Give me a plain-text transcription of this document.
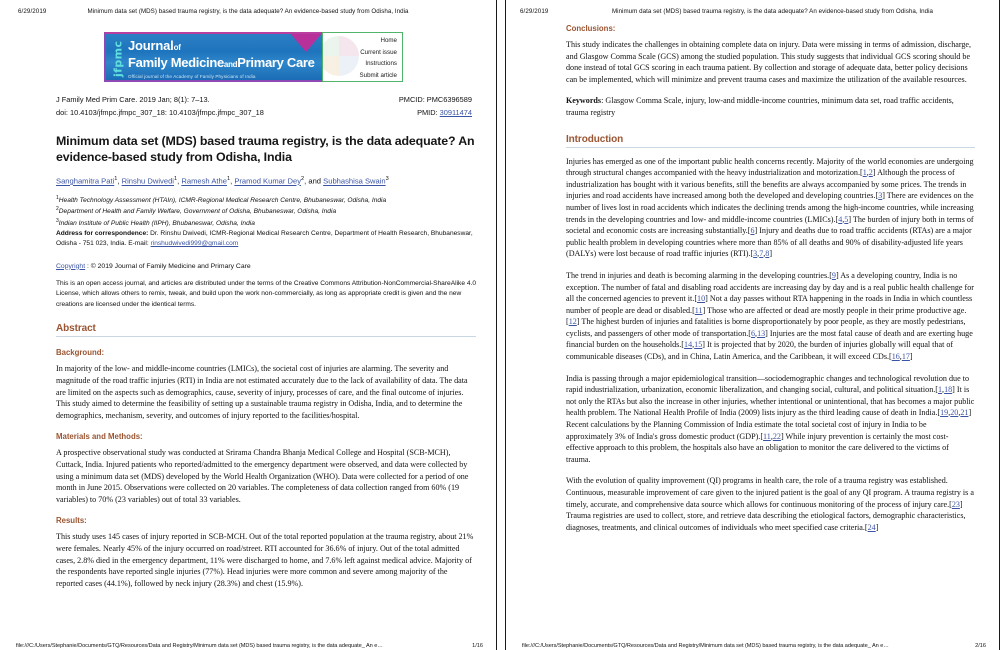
6/29/2019	Minimum data set (MDS) based trauma registry, is the data adequate? An evidence-based study from Odisha, India
jfpmc Journalof
Family MedicineandPrimary Care
Official journal of the Academy of Family Physicians of India
Home
Current issue
Instructions
Submit article
J Family Med Prim Care. 2019 Jan; 8(1): 7–13.	PMCID: PMC6396589
doi: 10.4103/jfmpc.jfmpc_307_18: 10.4103/jfmpc.jfmpc_307_18	PMID: 30911474
Minimum data set (MDS) based trauma registry, is the data adequate? An evidence-based study from Odisha, India
Sanghamitra Pati$^1$, Rinshu Dwivedi$^1$, Ramesh Athe$^1$, Pramod Kumar Dey$^2$, and Subhashisa Swain$^3$
$^1$Health Technology Assessment (HTAIn), ICMR-Regional Medical Research Centre, Bhubaneswar, Odisha, India
$^2$Department of Health and Family Welfare, Government of Odisha, Bhubaneswar, Odisha, India
$^3$Indian Institute of Public Health (IIPH), Bhubaneswar, Odisha, India
Address for correspondence: Dr. Rinshu Dwivedi, ICMR-Regional Medical Research Centre, Department of Health Research, Bhubaneswar, Odisha - 751 023, India. E-mail: rinshudwivedi999@gmail.com
Copyright : © 2019 Journal of Family Medicine and Primary Care
This is an open access journal, and articles are distributed under the terms of the Creative Commons Attribution-NonCommercial-ShareAlike 4.0 License, which allows others to remix, tweak, and build upon the work non-commercially, as long as appropriate credit is given and the new creations are licensed under the identical terms.
Abstract
Background:
In majority of the low- and middle-income countries (LMICs), the societal cost of injuries are alarming. The severity and magnitude of the road traffic injuries (RTI) in India are not estimated accurately due to the lack of availability of data. The data are limited on the aspects such as demographics, cause, severity of injury, processes of care, and the final outcome of injuries. This study aimed to determine the feasibility of setting up a sustainable trauma registry in Odisha, India, and to determine the demographics, mechanism, severity, and outcomes of injury reported to the facilities/hospital.
Materials and Methods:
A prospective observational study was conducted at Srirama Chandra Bhanja Medical College and Hospital (SCB-MCH), Cuttack, India. Injured patients who reported/admitted to the emergency department were observed, and data were collected by using a minimum data set (MDS) developed by the World Health Organization (WHO). Data were collected for a period of one month in June 2015. Observations were collected on 20 variables. The completeness of data collection ranged from 60% (19 variables) to 70% (23 variables) out of total 33 variables.
Results:
This study uses 145 cases of injury reported in SCB-MCH. Out of the total reported population at the trauma registry, about 21% were females. Nearly 45% of the injury occurred on road/street. RTI accounted for 36.6% of injury. Out of the total admitted cases, 2.8% died in the emergency department, 11% were discharged to home, and 7.6% left against medical advice. Majority of the respondents have reported single injuries (77%). Head injuries were more common and severe among majority of the reported cases (44.1%), followed by neck injury (28.3%) and chest (15.9%).
file:///C:/Users/Stephanie/Documents/GTQ/Resources/Data and Registry/Minimum data set (MDS) based trauma registry, is the data adequate_ An e…	1/16
6/29/2019	Minimum data set (MDS) based trauma registry, is the data adequate? An evidence-based study from Odisha, India
Conclusions:
This study indicates the challenges in obtaining complete data on injury. Data were missing in terms of admission, discharge, and Glasgow Comma Scale (GCS) among the studied population. This study suggests that individual GCS scoring should be done instead of total GCS scoring in each trauma patient. By collection and storage of adequate data, better policy decisions can be implemented, which will minimize and prevent trauma cases and maximize the utilization of the available resources.
Keywords: Glasgow Comma Scale, injury, low-and middle-income countries, minimum data set, road traffic accidents, trauma registry
Introduction
Injuries has emerged as one of the important public health concerns recently. Majority of the world economies are undergoing through structural changes accompanied with the heavy industrialization and motorization.[1,2] Although the process of industrialization has bought with it various benefits, still the benefits are always accompanied by some prices. The trends in injuries and road accidents have increased among both the developed and developing countries.[3] There are evidences on the number of lives lost in road accidents which indicates the declining trends among the high-income countries, while increasing trends in the developing countries and low- and middle-income countries (LMICs).[4,5] The burden of injury both in terms of societal and economic costs are increasing substantially.[6] Injury and deaths due to road traffic accidents (RTAs) are a major public health problem in developing countries where more than 85% of all deaths and 90% of disability-adjusted life years (DALYs) were lost because of road traffic injuries (RTI).[3,7,8]
The trend in injuries and death is becoming alarming in the developing countries.[9] As a developing country, India is no exception. The number of fatal and disabling road accidents are increasing day by day and is a real public health challenge for all the concerned agencies to prevent it.[10] Not a day passes without RTA happening in the roads in India in which countless number of people are dead or disabled.[11] Those who are affected or dead are mostly people in their prime productive age.[12] The highest burden of injuries and fatalities is borne disproportionately by poor people, as they are mostly pedestrians, cyclists, and passengers of other mode of transportation.[6,13] Injuries are the most fatal cause of death and are exerting huge financial burden on the households.[14,15] It is projected that by 2020, the burden of injuries globally will equal that of communicable diseases (CDs), and in China, Latin America, and the Caribbean, it will exceed CDs.[16,17]
India is passing through a major epidemiological transition—sociodemographic changes and technological revolution due to rapid industrialization, urbanization, economic liberalization, and changing social, cultural, and political situation.[1,18] It is not only the RTAs but also the increase in other injuries, whether intentional or unintentional, that has becomes a major public health problem. The National Health Profile of India (2009) lists injury as the third leading cause of death in India.[19,20,21] Recent calculations by the Planning Commission of India estimate the total societal cost of injury in India to be approximately 3% of India's gross domestic product (GDP).[11,22] While injury prevention is certainly the most cost-effective approach to this problem, the hospitals also have an obligation to monitor the care delivered to the victims of trauma.
With the evolution of quality improvement (QI) programs in health care, the role of a trauma registry was established. Continuous, measurable improvement of care given to the injured patient is the goal of any QI program. A trauma registry is a timely, accurate, and comprehensive data source which allows for continuous monitoring of the process of injury care.[23] Trauma registries are used to collect, store, and retrieve data describing the etiological factors, demographic characteristics, diagnoses, treatments, and clinical outcomes of individuals who meet specified case criteria.[24]
file:///C:/Users/Stephanie/Documents/GTQ/Resources/Data and Registry/Minimum data set (MDS) based trauma registry, is the data adequate_ An e…	2/16
